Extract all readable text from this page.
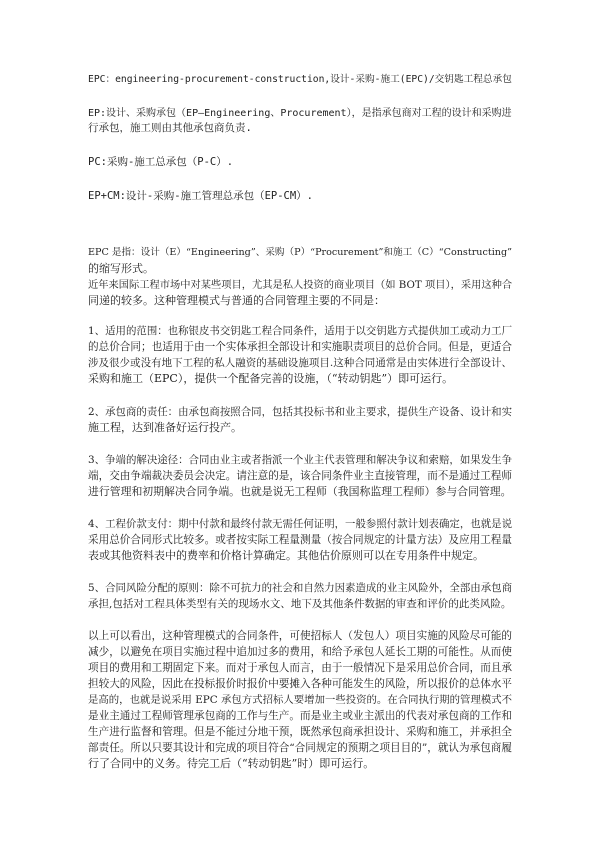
EPC：engineering-procurement-construction,设计-采购-施工(EPC)/交钥匙工程总承包
EP:设计、采购承包（EP—Engineering、Procurement），是指承包商对工程的设计和采购进
行承包，施工则由其他承包商负责.
PC:采购-施工总承包（P-C）.
EP+CM:设计-采购-施工管理总承包（EP-CM）.
EPC 是指：设计（E）“Engineering”、采购（P）“Procurement”和施工（C）“Constructing”
的缩写形式。
近年来国际工程市场中对某些项目，尤其是私人投资的商业项目（如 BOT 项目），采用这种合
同递的较多。这种管理模式与普通的合同管理主要的不同是：
1、适用的范围：也称银皮书交钥匙工程合同条件，适用于以交钥匙方式提供加工或动力工厂
的总价合同；也适用于由一个实体承担全部设计和实施职责项目的总价合同。但是，更适合
涉及很少或没有地下工程的私人融资的基础设施项目.这种合同通常是由实体进行全部设计、
采购和施工（EPC），提供一个配备完善的设施，（“转动钥匙”）即可运行。
2、承包商的责任：由承包商按照合同，包括其投标书和业主要求，提供生产设备、设计和实
施工程，达到准备好运行投产。
3、争端的解决途径：合同由业主或者指派一个业主代表管理和解决争议和索赔，如果发生争
端，交由争端裁决委员会决定。请注意的是，该合同条件业主直接管理，而不是通过工程师
进行管理和初期解决合同争端。也就是说无工程师（我国称监理工程师）参与合同管理。
4、工程价款支付：期中付款和最终付款无需任何证明，一般参照付款计划表确定，也就是说
采用总价合同形式比较多。或者按实际工程量测量（按合同规定的计量方法）及应用工程量
表或其他资料表中的费率和价格计算确定。其他估价原则可以在专用条件中规定。
5、合同风险分配的原则：除不可抗力的社会和自然力因素造成的业主风险外，全部由承包商
承担,包括对工程具体类型有关的现场水文、地下及其他条件数据的审查和评价的此类风险。
以上可以看出，这种管理模式的合同条件，可使招标人（发包人）项目实施的风险尽可能的
减少，以避免在项目实施过程中追加过多的费用，和给予承包人延长工期的可能性。从而使
项目的费用和工期固定下来。而对于承包人而言，由于一般情况下是采用总价合同，而且承
担较大的风险，因此在投标报价时报价中要摊入各种可能发生的风险，所以报价的总体水平
是高的，也就是说采用 EPC 承包方式招标人要增加一些投资的。在合同执行期的管理模式不
是业主通过工程师管理承包商的工作与生产。而是业主或业主派出的代表对承包商的工作和
生产进行监督和管理。但是不能过分地干预，既然承包商承担设计、采购和施工，并承担全
部责任。所以只要其设计和完成的项目符合“合同规定的预期之项目目的”，就认为承包商履
行了合同中的义务。待完工后（“转动钥匙”时）即可运行。
